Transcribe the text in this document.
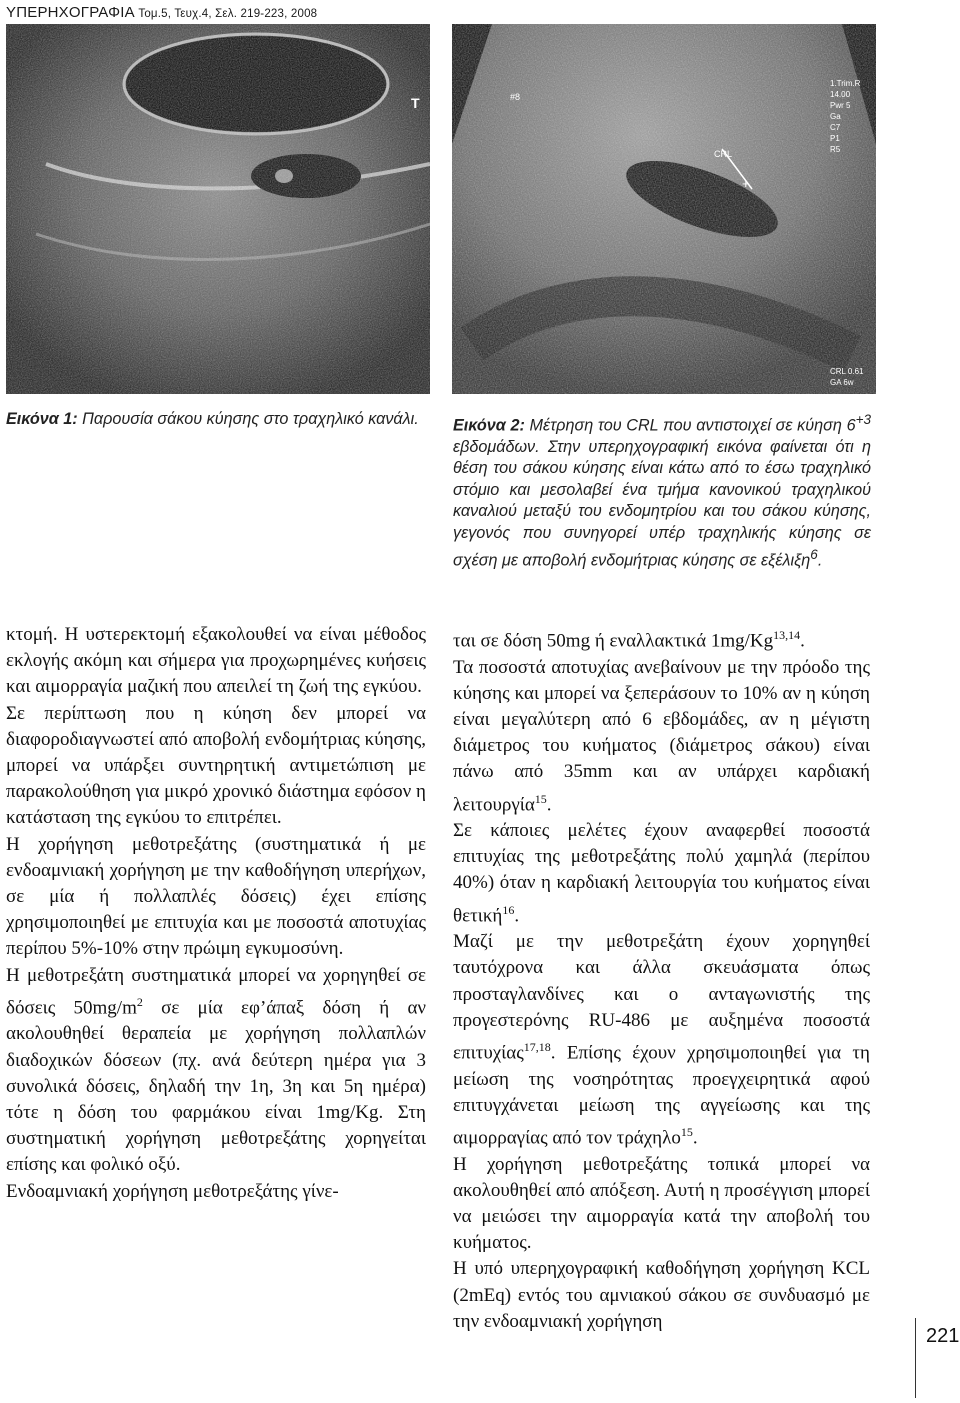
ΥΠΕΡΗΧΟΓΡΑΦΙΑ Τομ.5, Τευχ.4, Σελ. 219-223, 2008
T
+
CRL
#8
1.Trim.R
14.00
Pwr 5
Ga
C7
P1
R5
CRL 0.61
GA 6w
Εικόνα 1: Παρουσία σάκου κύησης στο τραχηλικό κανάλι.	Εικόνα 2: Μέτρηση του CRL που αντιστοιχεί σε κύηση $6^{+3}$ εβδομάδων. Στην υπερηχογραφική εικόνα φαίνεται ότι η θέση του σάκου κύησης είναι κάτω από το έσω τραχηλικό στόμιο και μεσολαβεί ένα τμήμα κανονικού τραχηλικού καναλιού μεταξύ του ενδομητρίου και του σάκου κύησης, γεγονός που συνηγορεί υπέρ τραχηλικής κύησης σε σχέση με αποβολή ενδομήτριας κύησης σε εξέλιξη$^6$.

κτομή. Η υστερεκτομή εξακολουθεί να είναι μέθοδος εκλογής ακόμη και σήμερα για προχωρημένες κυήσεις και αιμορραγία μαζική που απειλεί τη ζωή της εγκύου.

Σε περίπτωση που η κύηση δεν μπορεί να διαφοροδιαγνωστεί από αποβολή ενδομήτριας κύησης, μπορεί να υπάρξει συντηρητική αντιμετώπιση με παρακολούθηση για μικρό χρονικό διάστημα εφόσον η κατάσταση της εγκύου το επιτρέπει.

Η χορήγηση μεθοτρεξάτης (συστηματικά ή με ενδοαμνιακή χορήγηση με την καθοδήγηση υπερήχων, σε μία ή πολλαπλές δόσεις) έχει επίσης χρησιμοποιηθεί με επιτυχία και με ποσοστά αποτυχίας περίπου 5%-10% στην πρώιμη εγκυμοσύνη.

Η μεθοτρεξάτη συστηματικά μπορεί να χορηγηθεί σε δόσεις $50mg/m^2$ σε μία εφ’άπαξ δόση ή αν ακολουθηθεί θεραπεία με χορήγηση πολλαπλών διαδοχικών δόσεων (πχ. ανά δεύτερη ημέρα για 3 συνολικά δόσεις, δηλαδή την 1η, 3η και 5η ημέρα) τότε η δόση του φαρμάκου είναι 1mg/Kg. Στη συστηματική χορήγηση μεθοτρεξάτης χορηγείται επίσης και φολικό οξύ.

Ενδοαμνιακή χορήγηση μεθοτρεξάτης γίνε-

ται σε δόση 50mg ή εναλλακτικά 1mg/Kg$^{13,14}$.

Τα ποσοστά αποτυχίας ανεβαίνουν με την πρόοδο της κύησης και μπορεί να ξεπεράσουν το 10% αν η κύηση είναι μεγαλύτερη από 6 εβδομάδες, αν η μέγιστη διάμετρος του κυήματος (διάμετρος σάκου) είναι πάνω από 35mm και αν υπάρχει καρδιακή λειτουργία$^{15}$.

Σε κάποιες μελέτες έχουν αναφερθεί ποσοστά επιτυχίας της μεθοτρεξάτης πολύ χαμηλά (περίπου 40%) όταν η καρδιακή λειτουργία του κυήματος είναι θετική$^{16}$.

Μαζί με την μεθοτρεξάτη έχουν χορηγηθεί ταυτόχρονα και άλλα σκευάσματα όπως προσταγλανδίνες και ο ανταγωνιστής της προγεστερόνης RU-486 με αυξημένα ποσοστά επιτυχίας$^{17,18}$. Επίσης έχουν χρησιμοποιηθεί για τη μείωση της νοσηρότητας προεγχειρητικά αφού επιτυγχάνεται μείωση της αγγείωσης και της αιμορραγίας από τον τράχηλο$^{15}$.

Η χορήγηση μεθοτρεξάτης τοπικά μπορεί να ακολουθηθεί από απόξεση. Αυτή η προσέγγιση μπορεί να μειώσει την αιμορραγία κατά την αποβολή του κυήματος.

Η υπό υπερηχογραφική καθοδήγηση χορήγηση KCL (2mEq) εντός του αμνιακού σάκου σε συνδυασμό με την ενδοαμνιακή χορήγηση

221
